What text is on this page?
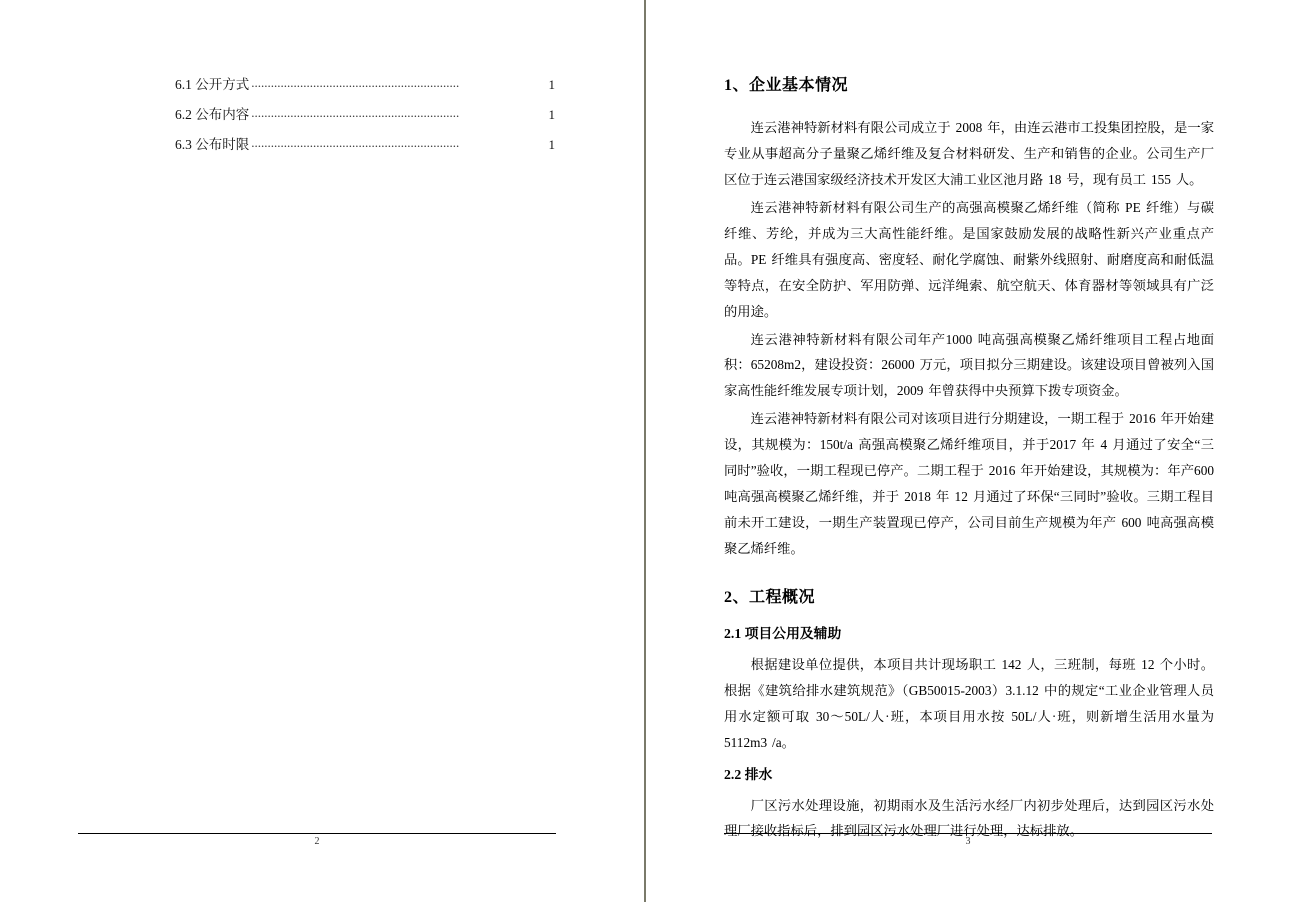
6.1 公开方式 ................................................................	1
6.2 公布内容 ................................................................	1
6.3 公布时限 ................................................................	1
2
1、企业基本情况

连云港神特新材料有限公司成立于 2008 年，由连云港市工投集团控股，是一家专业从事超高分子量聚乙烯纤维及复合材料研发、生产和销售的企业。公司生产厂区位于连云港国家级经济技术开发区大浦工业区池月路 18 号，现有员工 155 人。

连云港神特新材料有限公司生产的高强高模聚乙烯纤维（简称 PE 纤维）与碳纤维、芳纶，并成为三大高性能纤维。是国家鼓励发展的战略性新兴产业重点产品。PE 纤维具有强度高、密度轻、耐化学腐蚀、耐紫外线照射、耐磨度高和耐低温等特点，在安全防护、军用防弹、远洋绳索、航空航天、体育器材等领域具有广泛的用途。

连云港神特新材料有限公司年产1000 吨高强高模聚乙烯纤维项目工程占地面积：65208m2，建设投资：26000 万元，项目拟分三期建设。该建设项目曾被列入国家高性能纤维发展专项计划，2009 年曾获得中央预算下拨专项资金。

连云港神特新材料有限公司对该项目进行分期建设，一期工程于 2016 年开始建设，其规模为：150t/a 高强高模聚乙烯纤维项目，并于2017 年 4 月通过了安全“三同时”验收，一期工程现已停产。二期工程于 2016 年开始建设，其规模为：年产600 吨高强高模聚乙烯纤维，并于 2018 年 12 月通过了环保“三同时”验收。三期工程目前未开工建设，一期生产装置现已停产，公司目前生产规模为年产 600 吨高强高模聚乙烯纤维。

2、工程概况
2.1 项目公用及辅助

根据建设单位提供，本项目共计现场职工 142 人，三班制，每班 12 个小时。根据《建筑给排水建筑规范》（GB50015-2003）3.1.12 中的规定“工业企业管理人员用水定额可取 30～50L/人·班，本项目用水按 50L/人·班，则新增生活用水量为 5112m3 /a。

2.2 排水

厂区污水处理设施，初期雨水及生活污水经厂内初步处理后，达到园区污水处理厂接收指标后，排到园区污水处理厂进行处理，达标排放。

3
